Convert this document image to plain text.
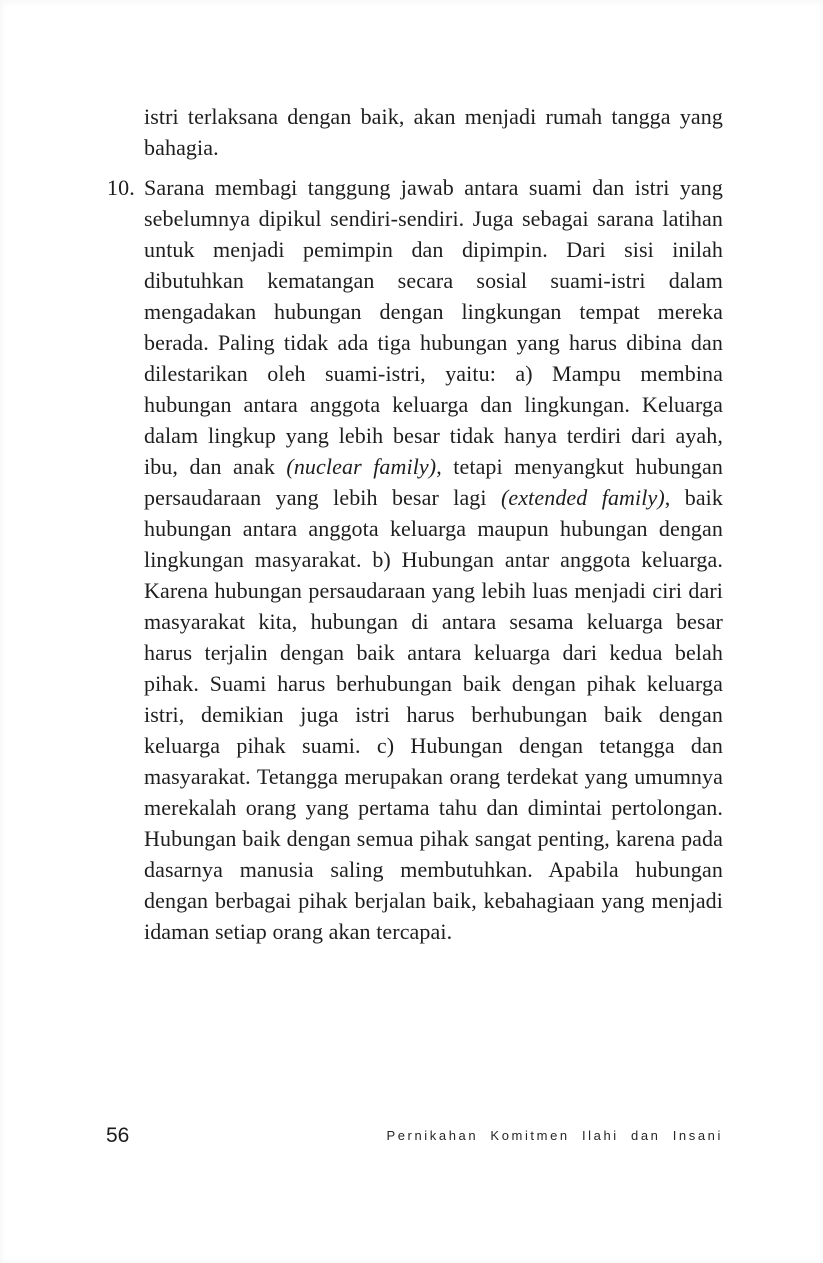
istri terlaksana dengan baik, akan menjadi rumah tangga yang bahagia.

10. Sarana membagi tanggung jawab antara suami dan istri yang sebelumnya dipikul sendiri-sendiri. Juga sebagai sarana latihan untuk menjadi pemimpin dan dipimpin. Dari sisi inilah dibutuhkan kematangan secara sosial suami-istri dalam mengadakan hubungan dengan lingkungan tempat mereka berada. Paling tidak ada tiga hubungan yang harus dibina dan dilestarikan oleh suami-istri, yaitu: a) Mampu membina hubungan antara anggota keluarga dan lingkungan. Keluarga dalam lingkup yang lebih besar tidak hanya terdiri dari ayah, ibu, dan anak (nuclear family), tetapi menyangkut hubungan persaudaraan yang lebih besar lagi (extended family), baik hubungan antara anggota keluarga maupun hubungan dengan lingkungan masyarakat. b) Hubungan antar anggota keluarga. Karena hubungan persaudaraan yang lebih luas menjadi ciri dari masyarakat kita, hubungan di antara sesama keluarga besar harus terjalin dengan baik antara keluarga dari kedua belah pihak. Suami harus berhubungan baik dengan pihak keluarga istri, demikian juga istri harus berhubungan baik dengan keluarga pihak suami. c) Hubungan dengan tetangga dan masyarakat. Tetangga merupakan orang terdekat yang umumnya merekalah orang yang pertama tahu dan dimintai pertolongan. Hubungan baik dengan semua pihak sangat penting, karena pada dasarnya manusia saling membutuhkan. Apabila hubungan dengan berbagai pihak berjalan baik, kebahagiaan yang menjadi idaman setiap orang akan tercapai.
56	Pernikahan Komitmen Ilahi dan Insani
